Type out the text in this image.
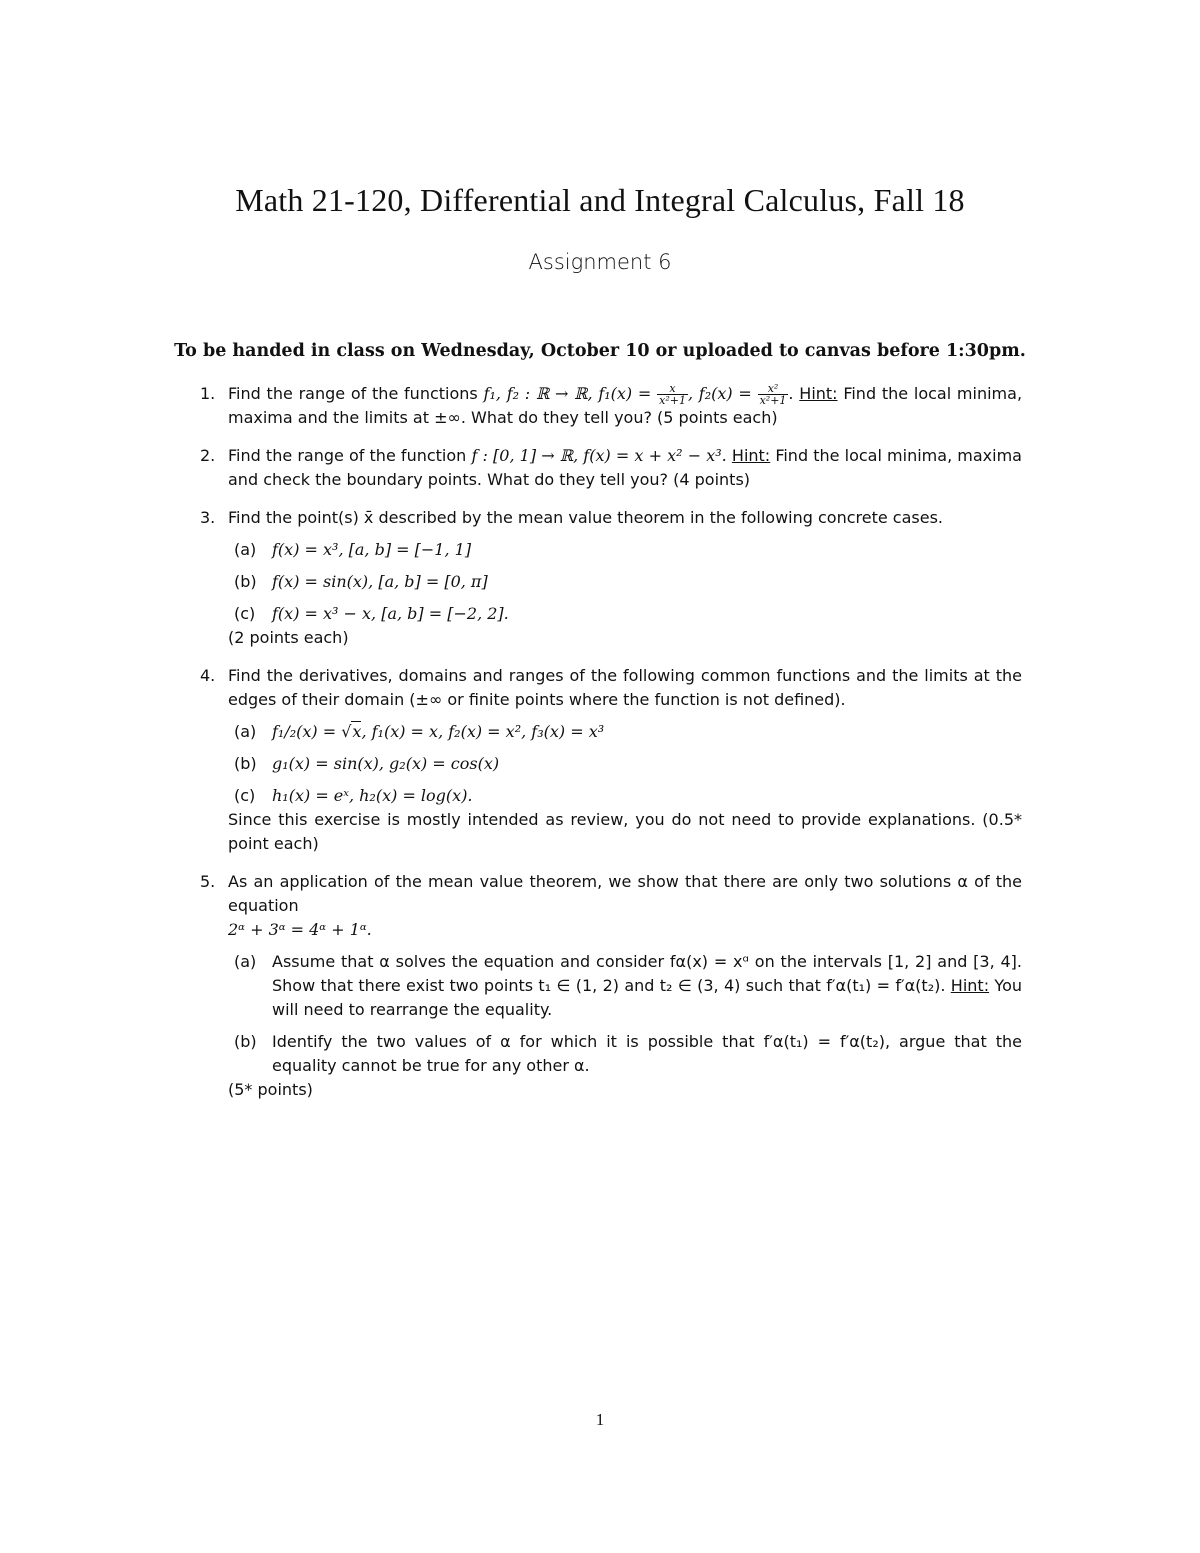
Math 21-120, Differential and Integral Calculus, Fall 18
Assignment 6
To be handed in class on Wednesday, October 10 or uploaded to canvas before 1:30pm.
1. Find the range of the functions f₁, f₂ : ℝ → ℝ, $f_1(x) = \frac{x}{\text{x²+1}}$ , $f_2(x) = \frac{\text{x²}}{\text{x²+1}}$ . Hint: Find the local minima, maxima and the limits at ±∞. What do they tell you? (5 points each)

2. Find the range of the function f : [0, 1] → ℝ, f(x) = x + x² − x³. Hint: Find the local minima, maxima and check the boundary points. What do they tell you? (4 points)

3. Find the point(s) x̄ described by the mean value theorem in the following concrete cases.

(a) f(x) = x³, [a, b] = [−1, 1]
(b) f(x) = sin(x), [a, b] = [0, π]
(c) f(x) = x³ − x, [a, b] = [−2, 2].

(2 points each)

4. Find the derivatives, domains and ranges of the following common functions and the limits at the edges of their domain (±∞ or finite points where the function is not defined).

(a) f₁/₂(x) = √x, f₁(x) = x, f₂(x) = x², f₃(x) = x³
(b) g₁(x) = sin(x), g₂(x) = cos(x)
(c) h₁(x) = eˣ, h₂(x) = log(x).

Since this exercise is mostly intended as review, you do not need to provide explanations. (0.5* point each)

5. As an application of the mean value theorem, we show that there are only two solutions α of the equation

2ᵅ + 3ᵅ = 4ᵅ + 1ᵅ.

(a) Assume that α solves the equation and consider fα(x) = xᵅ on the intervals [1, 2] and [3, 4]. Show that there exist two points t₁ ∈ (1, 2) and t₂ ∈ (3, 4) such that f′α(t₁) = f′α(t₂). Hint: You will need to rearrange the equality.
(b) Identify the two values of α for which it is possible that f′α(t₁) = f′α(t₂), argue that the equality cannot be true for any other α.

(5* points)

1
